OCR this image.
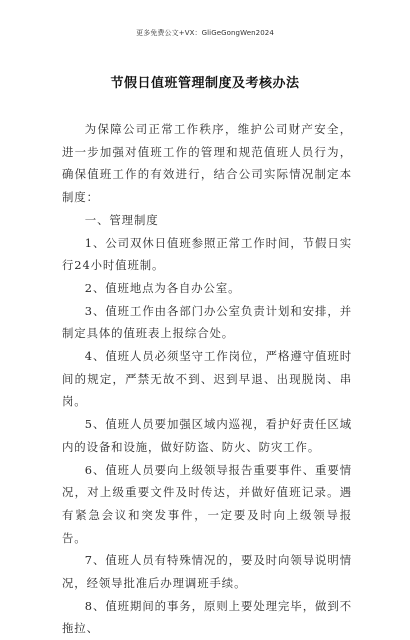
更多免费公文+VX：GliGeGongWen2024
节假日值班管理制度及考核办法

为保障公司正常工作秩序，维护公司财产安全，进一步加强对值班工作的管理和规范值班人员行为，确保值班工作的有效进行，结合公司实际情况制定本制度：

一、管理制度

1、公司双休日值班参照正常工作时间，节假日实行24小时值班制。

2、值班地点为各自办公室。

3、值班工作由各部门办公室负责计划和安排，并制定具体的值班表上报综合处。

4、值班人员必须坚守工作岗位，严格遵守值班时间的规定，严禁无故不到、迟到早退、出现脱岗、串岗。

5、值班人员要加强区域内巡视，看护好责任区域内的设备和设施，做好防盗、防火、防灾工作。

6、值班人员要向上级领导报告重要事件、重要情况，对上级重要文件及时传达，并做好值班记录。遇有紧急会议和突发事件，一定要及时向上级领导报告。

7、值班人员有特殊情况的，要及时向领导说明情况，经领导批准后办理调班手续。

8、值班期间的事务，原则上要处理完毕，做到不拖拉、
